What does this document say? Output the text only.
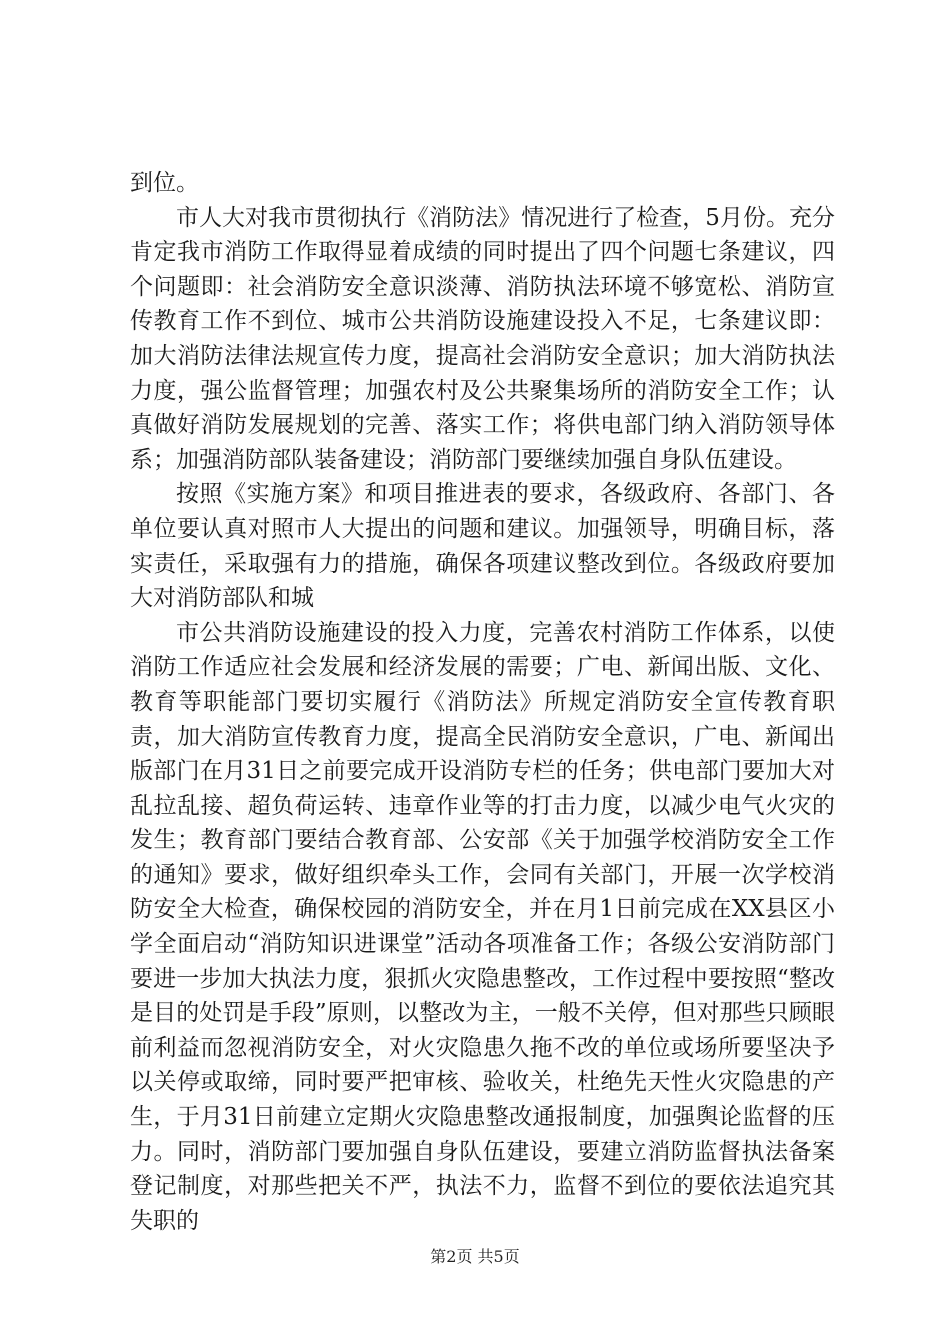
到位。

市人大对我市贯彻执行《消防法》情况进行了检查，5月份。充分肯定我市消防工作取得显着成绩的同时提出了四个问题七条建议，四个问题即：社会消防安全意识淡薄、消防执法环境不够宽松、消防宣传教育工作不到位、城市公共消防设施建设投入不足，七条建议即：加大消防法律法规宣传力度，提高社会消防安全意识；加大消防执法力度，强公监督管理；加强农村及公共聚集场所的消防安全工作；认真做好消防发展规划的完善、落实工作；将供电部门纳入消防领导体系；加强消防部队装备建设；消防部门要继续加强自身队伍建设。

按照《实施方案》和项目推进表的要求，各级政府、各部门、各单位要认真对照市人大提出的问题和建议。加强领导，明确目标，落实责任，采取强有力的措施，确保各项建议整改到位。各级政府要加大对消防部队和城

市公共消防设施建设的投入力度，完善农村消防工作体系，以使消防工作适应社会发展和经济发展的需要；广电、新闻出版、文化、教育等职能部门要切实履行《消防法》所规定消防安全宣传教育职责，加大消防宣传教育力度，提高全民消防安全意识，广电、新闻出版部门在月31日之前要完成开设消防专栏的任务；供电部门要加大对乱拉乱接、超负荷运转、违章作业等的打击力度，以减少电气火灾的发生；教育部门要结合教育部、公安部《关于加强学校消防安全工作的通知》要求，做好组织牵头工作，会同有关部门，开展一次学校消防安全大检查，确保校园的消防安全，并在月1日前完成在XX县区小学全面启动“消防知识进课堂”活动各项准备工作；各级公安消防部门要进一步加大执法力度，狠抓火灾隐患整改，工作过程中要按照“整改是目的处罚是手段”原则，以整改为主，一般不关停，但对那些只顾眼前利益而忽视消防安全，对火灾隐患久拖不改的单位或场所要坚决予以关停或取缔，同时要严把审核、验收关，杜绝先天性火灾隐患的产生，于月31日前建立定期火灾隐患整改通报制度，加强舆论监督的压力。同时，消防部门要加强自身队伍建设，要建立消防监督执法备案登记制度，对那些把关不严，执法不力，监督不到位的要依法追究其失职的

第2页 共5页
